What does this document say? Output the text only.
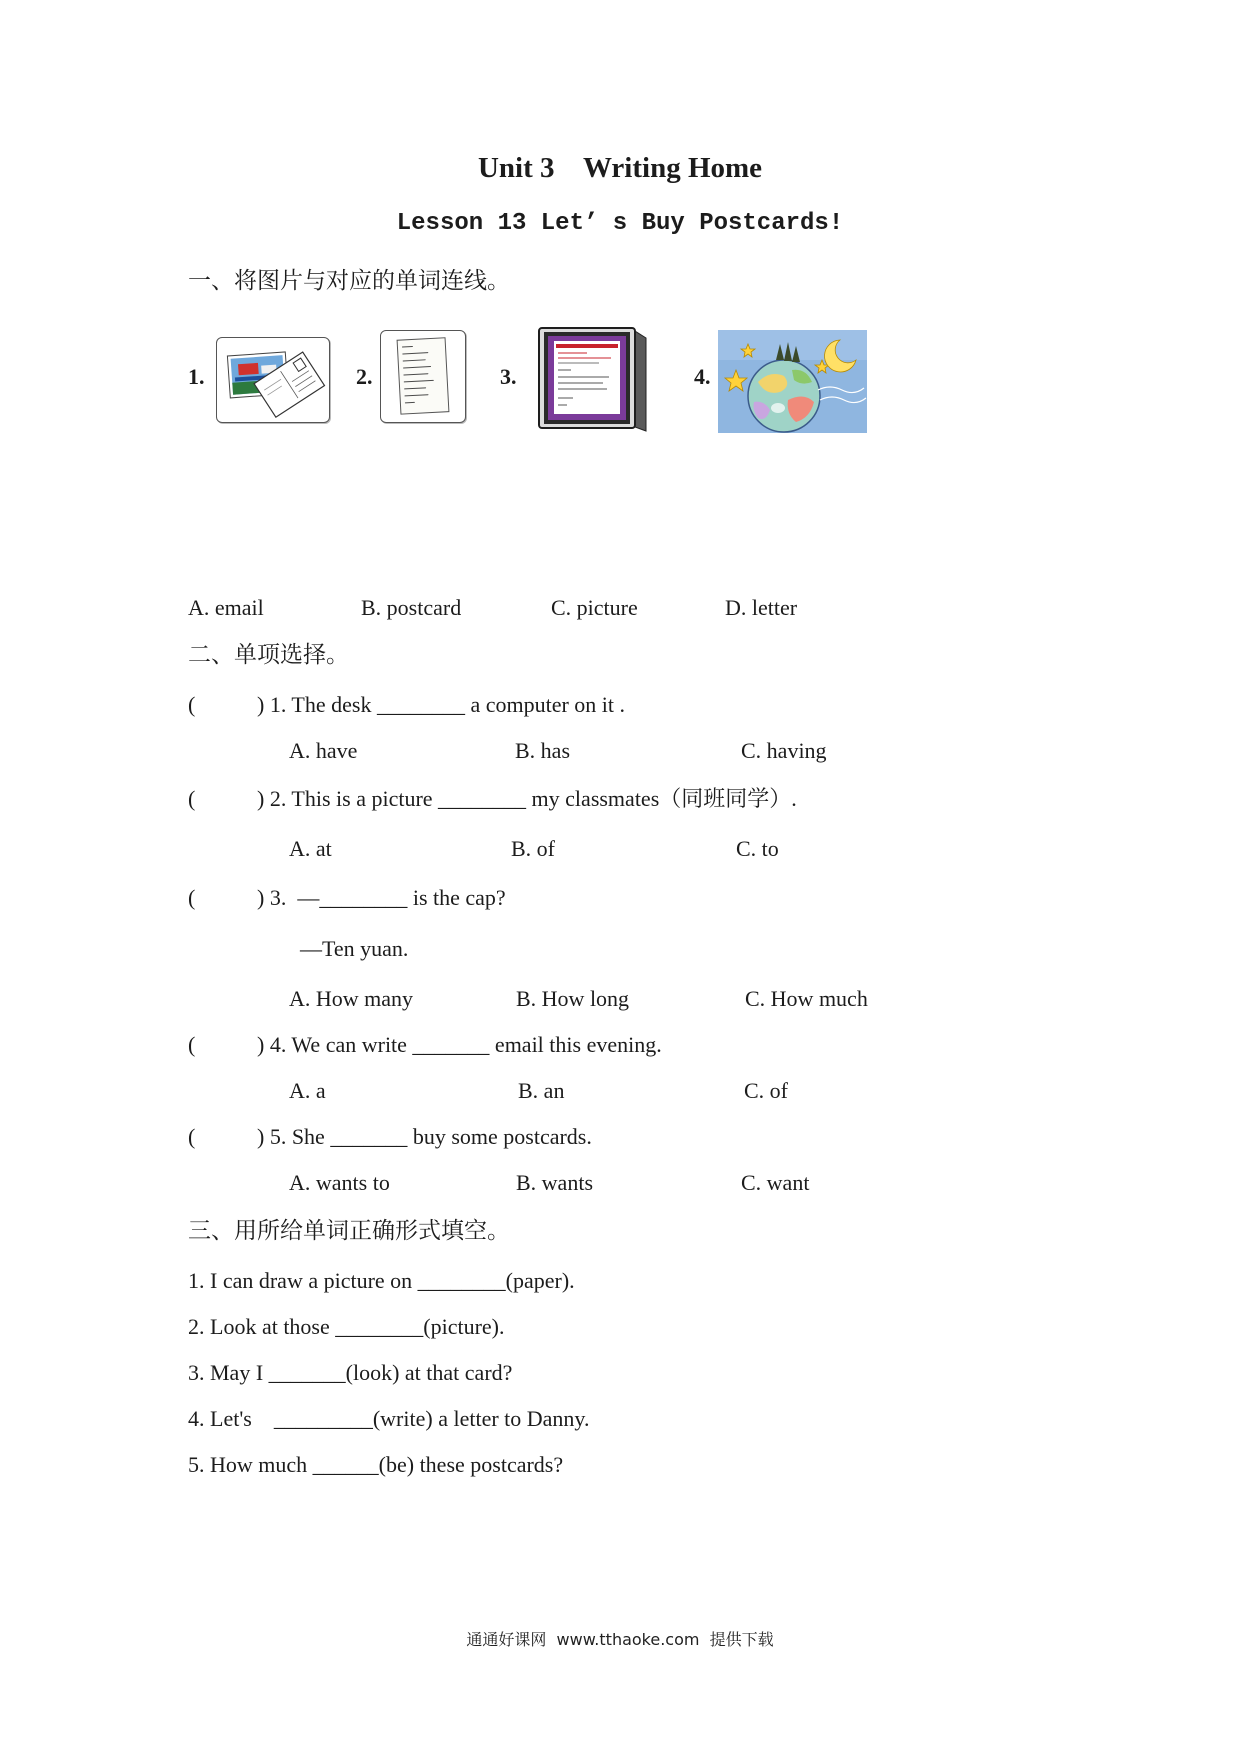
Unit 3    Writing Home
Lesson 13 Let’ s Buy Postcards!
一、将图片与对应的单词连线。
1.	2.	3.	4.
A. email	B. postcard	C. picture	D. letter
二、单项选择。
(	) 1. The desk ________ a computer on it .
A. have	B. has	C. having
(	) 2. This is a picture ________ my classmates（同班同学）.
A. at	B. of	C. to
(	) 3.  —________ is the cap?
—Ten yuan.
A. How many	B. How long	C. How much
(	) 4. We can write _______ email this evening.
A. a	B. an	C. of
(	) 5. She _______ buy some postcards.
A. wants to	B. wants	C. want
三、用所给单词正确形式填空。
1. I can draw a picture on ________(paper).
2. Look at those ________(picture).
3. May I _______(look) at that card?
4. Let's    _________(write) a letter to Danny.
5. How much ______(be) these postcards?
通通好课网  www.tthaoke.com  提供下载
